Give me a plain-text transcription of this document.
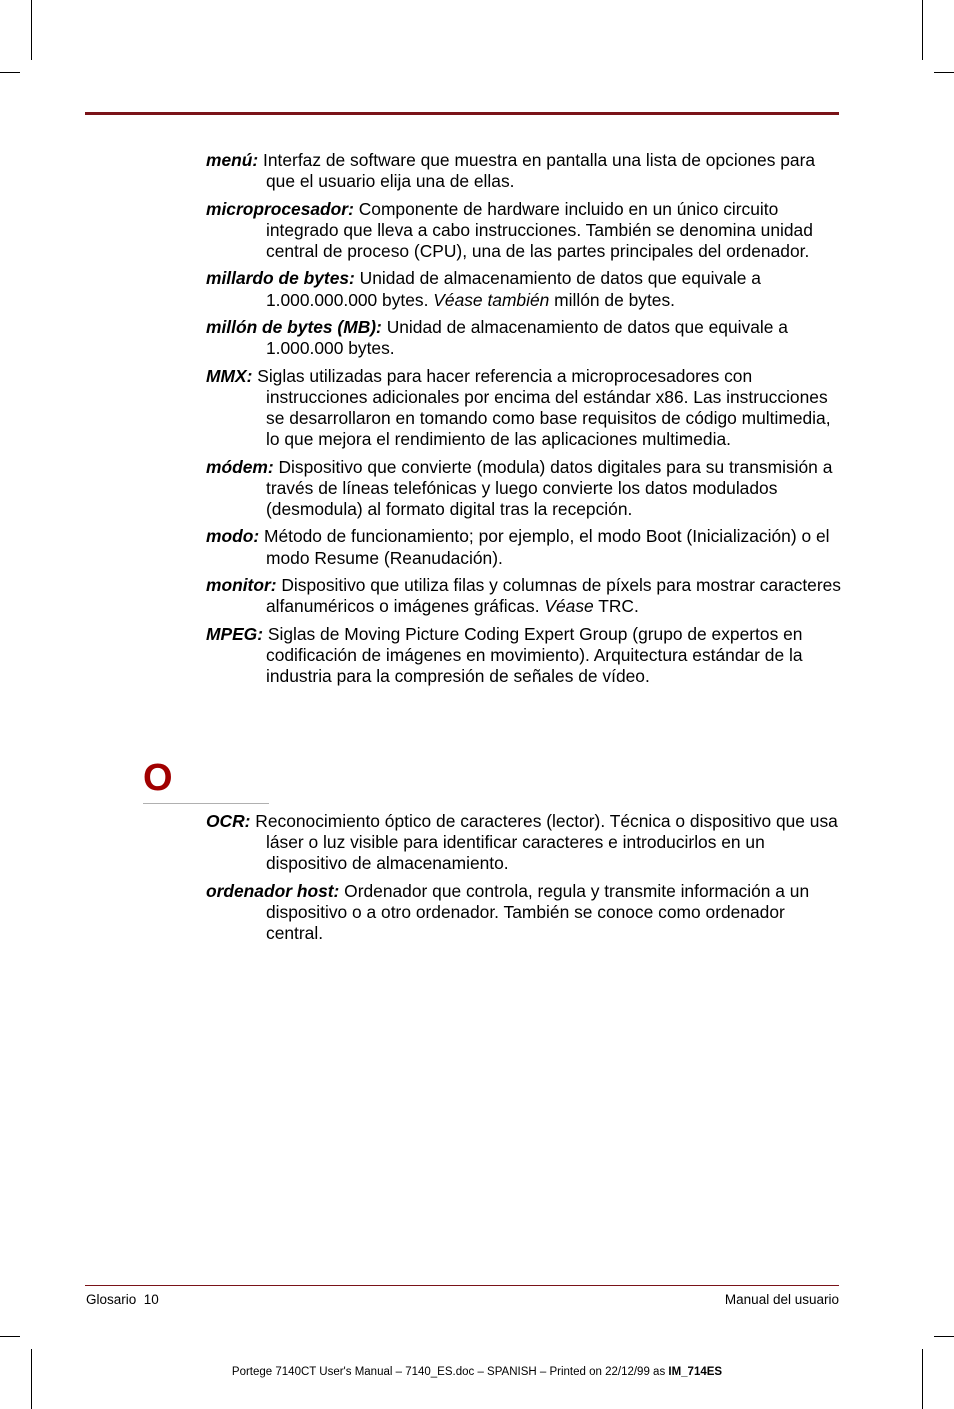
menú: Interfaz de software que muestra en pantalla una lista de opciones para que el usuario elija una de ellas.

microprocesador: Componente de hardware incluido en un único circuito integrado que lleva a cabo instrucciones. También se denomina unidad central de proceso (CPU), una de las partes principales del ordenador.

millardo de bytes: Unidad de almacenamiento de datos que equivale a 1.000.000.000 bytes. Véase también millón de bytes.

millón de bytes (MB): Unidad de almacenamiento de datos que equivale a 1.000.000 bytes.

MMX: Siglas utilizadas para hacer referencia a microprocesadores con instrucciones adicionales por encima del estándar x86. Las instrucciones se desarrollaron en tomando como base requisitos de código multimedia, lo que mejora el rendimiento de las aplicaciones multimedia.

módem: Dispositivo que convierte (modula) datos digitales para su transmisión a través de líneas telefónicas y luego convierte los datos modulados (desmodula) al formato digital tras la recepción.

modo: Método de funcionamiento; por ejemplo, el modo Boot (Inicialización) o el modo Resume (Reanudación).

monitor: Dispositivo que utiliza filas y columnas de píxels para mostrar caracteres alfanuméricos o imágenes gráficas. Véase TRC.

MPEG: Siglas de Moving Picture Coding Expert Group (grupo de expertos en codificación de imágenes en movimiento). Arquitectura estándar de la industria para la compresión de señales de vídeo.

O

OCR: Reconocimiento óptico de caracteres (lector). Técnica o dispositivo que usa láser o luz visible para identificar caracteres e introducirlos en un dispositivo de almacenamiento.

ordenador host: Ordenador que controla, regula y transmite información a un dispositivo o a otro ordenador. También se conoce como ordenador central.

Glosario  10	Manual del usuario
Portege 7140CT User's Manual – 7140_ES.doc – SPANISH – Printed on 22/12/99 as IM_714ES
